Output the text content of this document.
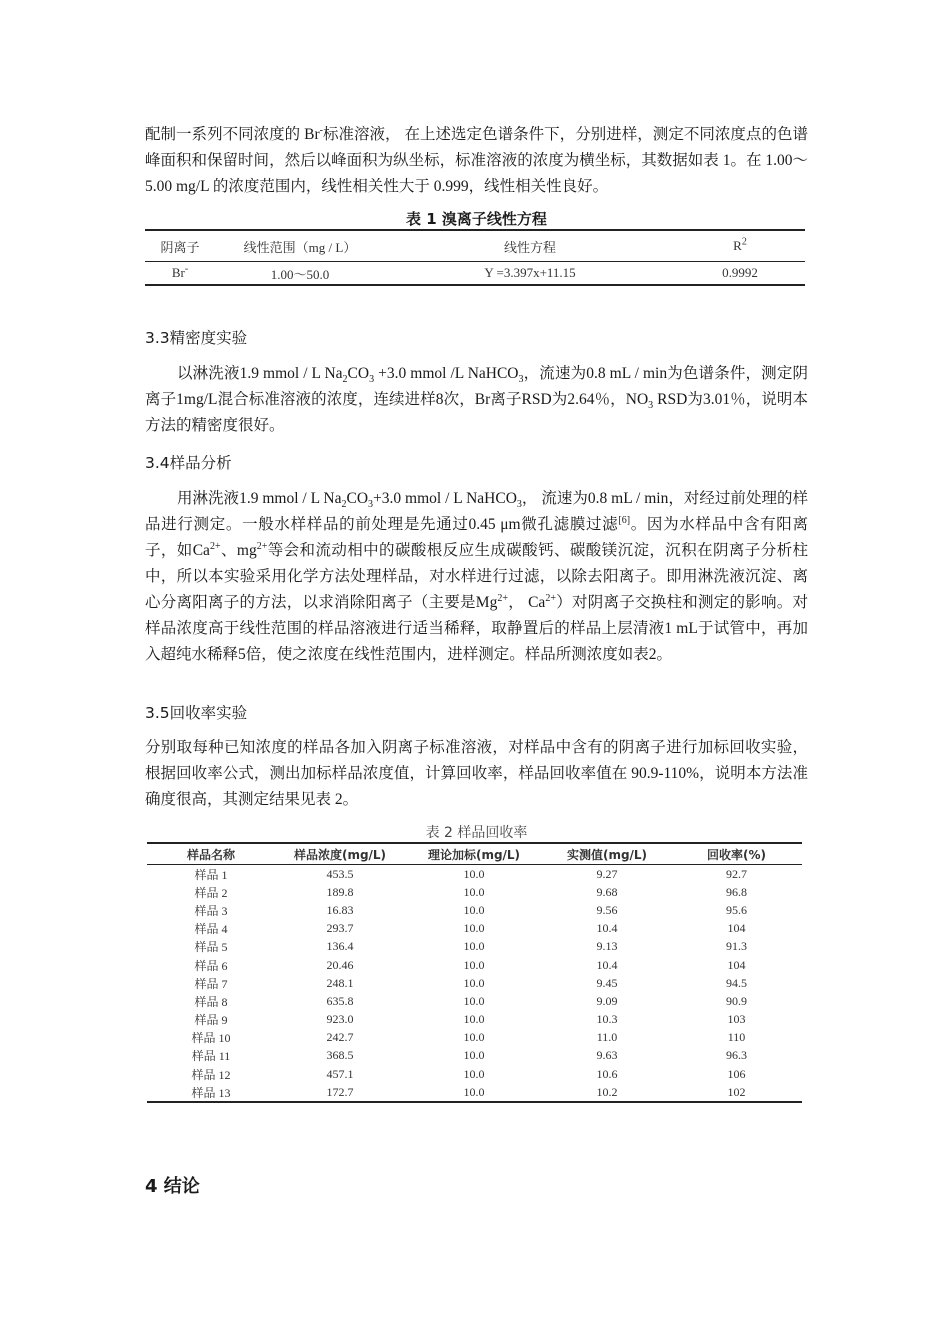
配制一系列不同浓度的 Br-标准溶液， 在上述选定色谱条件下，分别进样，测定不同浓度点的色谱峰面积和保留时间，然后以峰面积为纵坐标，标准溶液的浓度为横坐标，其数据如表 1。在 1.00～5.00 mg/L 的浓度范围内，线性相关性大于 0.999，线性相关性良好。

表 1 溴离子线性方程
阴离子	线性范围（mg / L）	线性方程	$R^2$
Br-	1.00～50.0	Y =3.397x+11.15	0.9992

3.3精密度实验

以淋洗液1.9 mmol / L $Na_2CO_3 +3.0$ mmol /L NaHCO$_3$，流速为0.8 mL / min为色谱条件，测定阴离子1mg/L混合标准溶液的浓度，连续进样8次，Br离子RSD为2.64％，$NO_3$ RSD为3.01％，说明本方法的精密度很好。

3.4样品分析

用淋洗液1.9 mmol / L $Na_2CO_3+3.0$ mmol / L NaHCO$_3$， 流速为0.8 mL / min，对经过前处理的样品进行测定。一般水样样品的前处理是先通过0.45 μm微孔滤膜过滤[6]。因为水样品中含有阳离子，如$Ca^{2+}$、$mg^{2+}$等会和流动相中的碳酸根反应生成碳酸钙、碳酸镁沉淀，沉积在阴离子分析柱中，所以本实验采用化学方法处理样品，对水样进行过滤，以除去阳离子。即用淋洗液沉淀、离心分离阳离子的方法，以求消除阳离子（主要是$Mg^{2+}$， $Ca^{2+}$）对阴离子交换柱和测定的影响。对样品浓度高于线性范围的样品溶液进行适当稀释，取静置后的样品上层清液1 mL于试管中，再加入超纯水稀释5倍，使之浓度在线性范围内，进样测定。样品所测浓度如表2。

3.5回收率实验

分别取每种已知浓度的样品各加入阴离子标准溶液，对样品中含有的阴离子进行加标回收实验，根据回收率公式，测出加标样品浓度值，计算回收率，样品回收率值在 90.9-110%，说明本方法准确度很高，其测定结果见表 2。

表 2 样品回收率
样品名称	样品浓度(mg/L)	理论加标(mg/L)	实测值(mg/L)	回收率(%)
样品 1	453.5	10.0	9.27	92.7
样品 2	189.8	10.0	9.68	96.8
样品 3	16.83	10.0	9.56	95.6
样品 4	293.7	10.0	10.4	104
样品 5	136.4	10.0	9.13	91.3
样品 6	20.46	10.0	10.4	104
样品 7	248.1	10.0	9.45	94.5
样品 8	635.8	10.0	9.09	90.9
样品 9	923.0	10.0	10.3	103
样品 10	242.7	10.0	11.0	110
样品 11	368.5	10.0	9.63	96.3
样品 12	457.1	10.0	10.6	106
样品 13	172.7	10.0	10.2	102

4 结论
